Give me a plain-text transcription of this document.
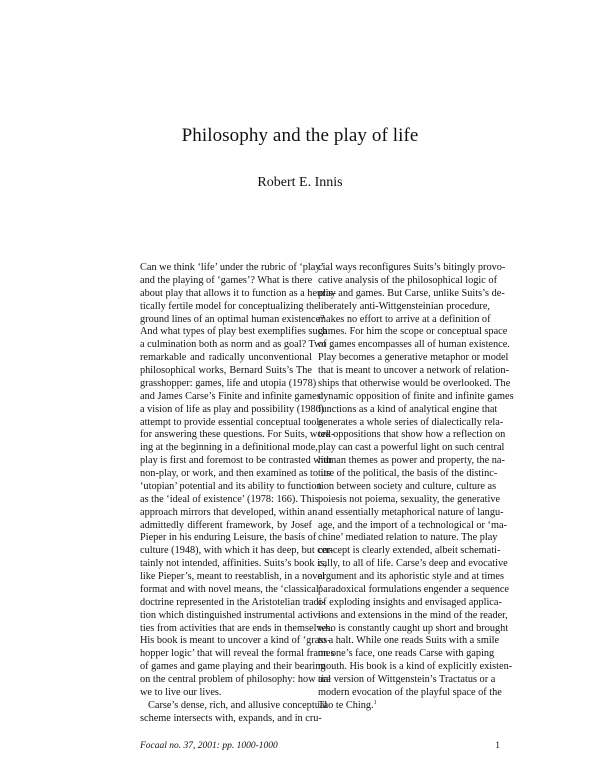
Philosophy and the play of life
Robert E. Innis
Can we think ‘life’ under the rubric of ‘play’
and the playing of ‘games’? What is there
about play that allows it to function as a heuris-
tically fertile model for conceptualizing the
ground lines of an optimal human existence?
And what types of play best exemplifies such
a culmination both as norm and as goal? Two
remarkable and radically unconventional
philosophical works, Bernard Suits’s The
grasshopper: games, life and utopia (1978)
and James Carse’s Finite and infinite games:
a vision of life as play and possibility (1986)
attempt to provide essential conceptual tools
for answering these questions. For Suits, work-
ing at the beginning in a definitional mode,
play is first and foremost to be contrasted with
non-play, or work, and then examined as to its
‘utopian’ potential and its ability to function
as the ‘ideal of existence’ (1978: 166). This
approach mirrors that developed, within an
admittedly different framework, by Josef
Pieper in his enduring Leisure, the basis of
culture (1948), with which it has deep, but cer-
tainly not intended, affinities. Suits’s book is,
like Pieper’s, meant to reestablish, in a novel
format and with novel means, the ‘classical’
doctrine represented in the Aristotelian tradi-
tion which distinguished instrumental activi-
ties from activities that are ends in themselves.
His book is meant to uncover a kind of ‘grass-
hopper logic’ that will reveal the formal frames
of games and game playing and their bearing
on the central problem of philosophy: how are
we to live our lives.
Carse’s dense, rich, and allusive conceptual
scheme intersects with, expands, and in cru-
cial ways reconfigures Suits’s bitingly provo-
cative analysis of the philosophical logic of
play and games. But Carse, unlike Suits’s de-
liberately anti-Wittgensteinian procedure,
makes no effort to arrive at a definition of
games. For him the scope or conceptual space
of games encompasses all of human existence.
Play becomes a generative metaphor or model
that is meant to uncover a network of relation-
ships that otherwise would be overlooked. The
dynamic opposition of finite and infinite games
functions as a kind of analytical engine that
generates a whole series of dialectically rela-
ted oppositions that show how a reflection on
play can cast a powerful light on such central
human themes as power and property, the na-
ture of the political, the basis of the distinc-
tion between society and culture, culture as
poiesis not poiema, sexuality, the generative
and essentially metaphorical nature of langu-
age, and the import of a technological or ‘ma-
chine’ mediated relation to nature. The play
concept is clearly extended, albeit schemati-
cally, to all of life. Carse’s deep and evocative
argument and its aphoristic style and at times
paradoxical formulations engender a sequence
of exploding insights and envisaged applica-
tions and extensions in the mind of the reader,
who is constantly caught up short and brought
to a halt. While one reads Suits with a smile
on one’s face, one reads Carse with gaping
mouth. His book is a kind of explicitly existen-
tial version of Wittgenstein’s Tractatus or a
modern evocation of the playful space of the
Tao te Ching.$^1$
Focaal no. 37, 2001: pp. 1000-1000	1
